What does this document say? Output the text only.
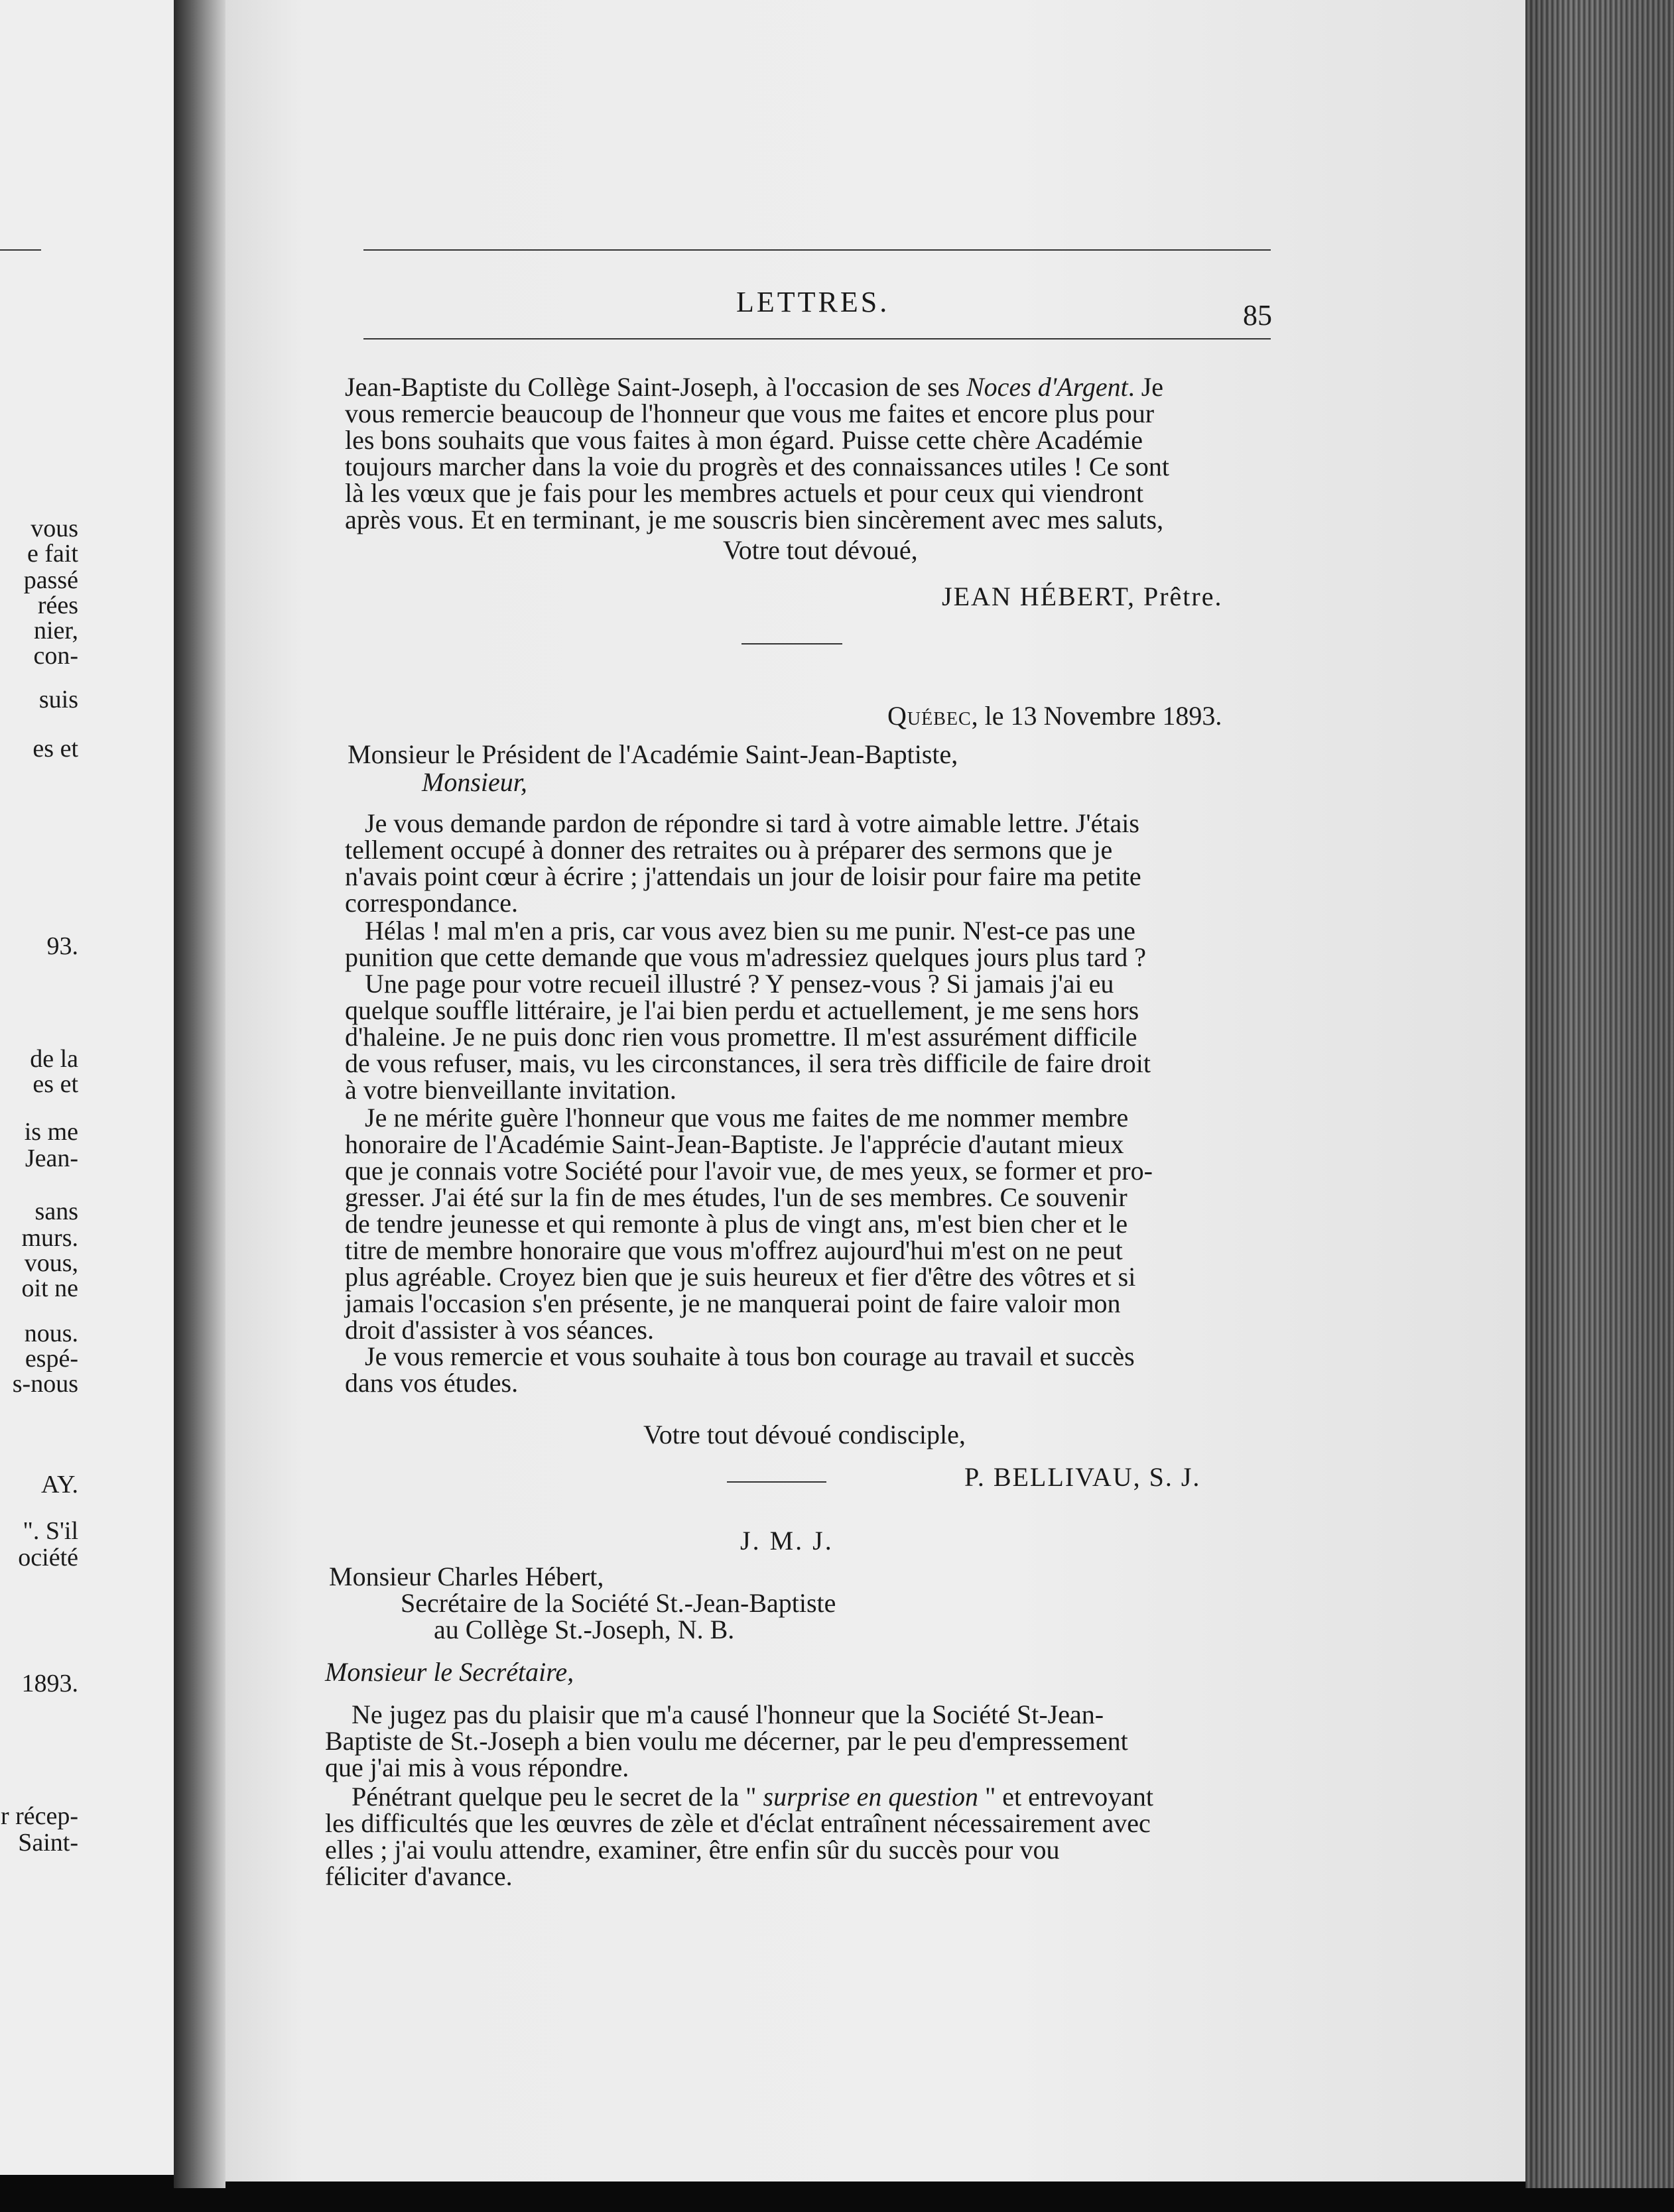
vous
e fait
passé
rées
nier,
con-
suis
es et
93.
de la
es et
is me
Jean-
sans
murs.
vous,
oit ne
nous.
espé-
s-nous
AY.
". S'il
ociété
1893.
r récep-
Saint-
LETTRES.	85
Jean-Baptiste du Collège Saint-Joseph, à l'occasion de ses Noces d'Argent. Je
vous remercie beaucoup de l'honneur que vous me faites et encore plus pour
les bons souhaits que vous faites à mon égard. Puisse cette chère Académie
toujours marcher dans la voie du progrès et des connaissances utiles ! Ce sont
là les vœux que je fais pour les membres actuels et pour ceux qui viendront
après vous. Et en terminant, je me souscris bien sincèrement avec mes saluts,
Votre tout dévoué,
JEAN HÉBERT, Prêtre.
Québec, le 13 Novembre 1893.
Monsieur le Président de l'Académie Saint-Jean-Baptiste,
Monsieur,
Je vous demande pardon de répondre si tard à votre aimable lettre. J'étais
tellement occupé à donner des retraites ou à préparer des sermons que je
n'avais point cœur à écrire ; j'attendais un jour de loisir pour faire ma petite
correspondance.
Hélas ! mal m'en a pris, car vous avez bien su me punir. N'est-ce pas une
punition que cette demande que vous m'adressiez quelques jours plus tard ?
Une page pour votre recueil illustré ? Y pensez-vous ? Si jamais j'ai eu
quelque souffle littéraire, je l'ai bien perdu et actuellement, je me sens hors
d'haleine. Je ne puis donc rien vous promettre. Il m'est assurément difficile
de vous refuser, mais, vu les circonstances, il sera très difficile de faire droit
à votre bienveillante invitation.
Je ne mérite guère l'honneur que vous me faites de me nommer membre
honoraire de l'Académie Saint-Jean-Baptiste. Je l'apprécie d'autant mieux
que je connais votre Société pour l'avoir vue, de mes yeux, se former et pro-
gresser. J'ai été sur la fin de mes études, l'un de ses membres. Ce souvenir
de tendre jeunesse et qui remonte à plus de vingt ans, m'est bien cher et le
titre de membre honoraire que vous m'offrez aujourd'hui m'est on ne peut
plus agréable. Croyez bien que je suis heureux et fier d'être des vôtres et si
jamais l'occasion s'en présente, je ne manquerai point de faire valoir mon
droit d'assister à vos séances.
Je vous remercie et vous souhaite à tous bon courage au travail et succès
dans vos études.
Votre tout dévoué condisciple,
P. BELLIVAU, S. J.
J. M. J.
Monsieur Charles Hébert,
Secrétaire de la Société St.-Jean-Baptiste
au Collège St.-Joseph, N. B.
Monsieur le Secrétaire,
Ne jugez pas du plaisir que m'a causé l'honneur que la Société St-Jean-
Baptiste de St.-Joseph a bien voulu me décerner, par le peu d'empressement
que j'ai mis à vous répondre.
Pénétrant quelque peu le secret de la " surprise en question " et entrevoyant
les difficultés que les œuvres de zèle et d'éclat entraînent nécessairement avec
elles ; j'ai voulu attendre, examiner, être enfin sûr du succès pour vou
féliciter d'avance.
